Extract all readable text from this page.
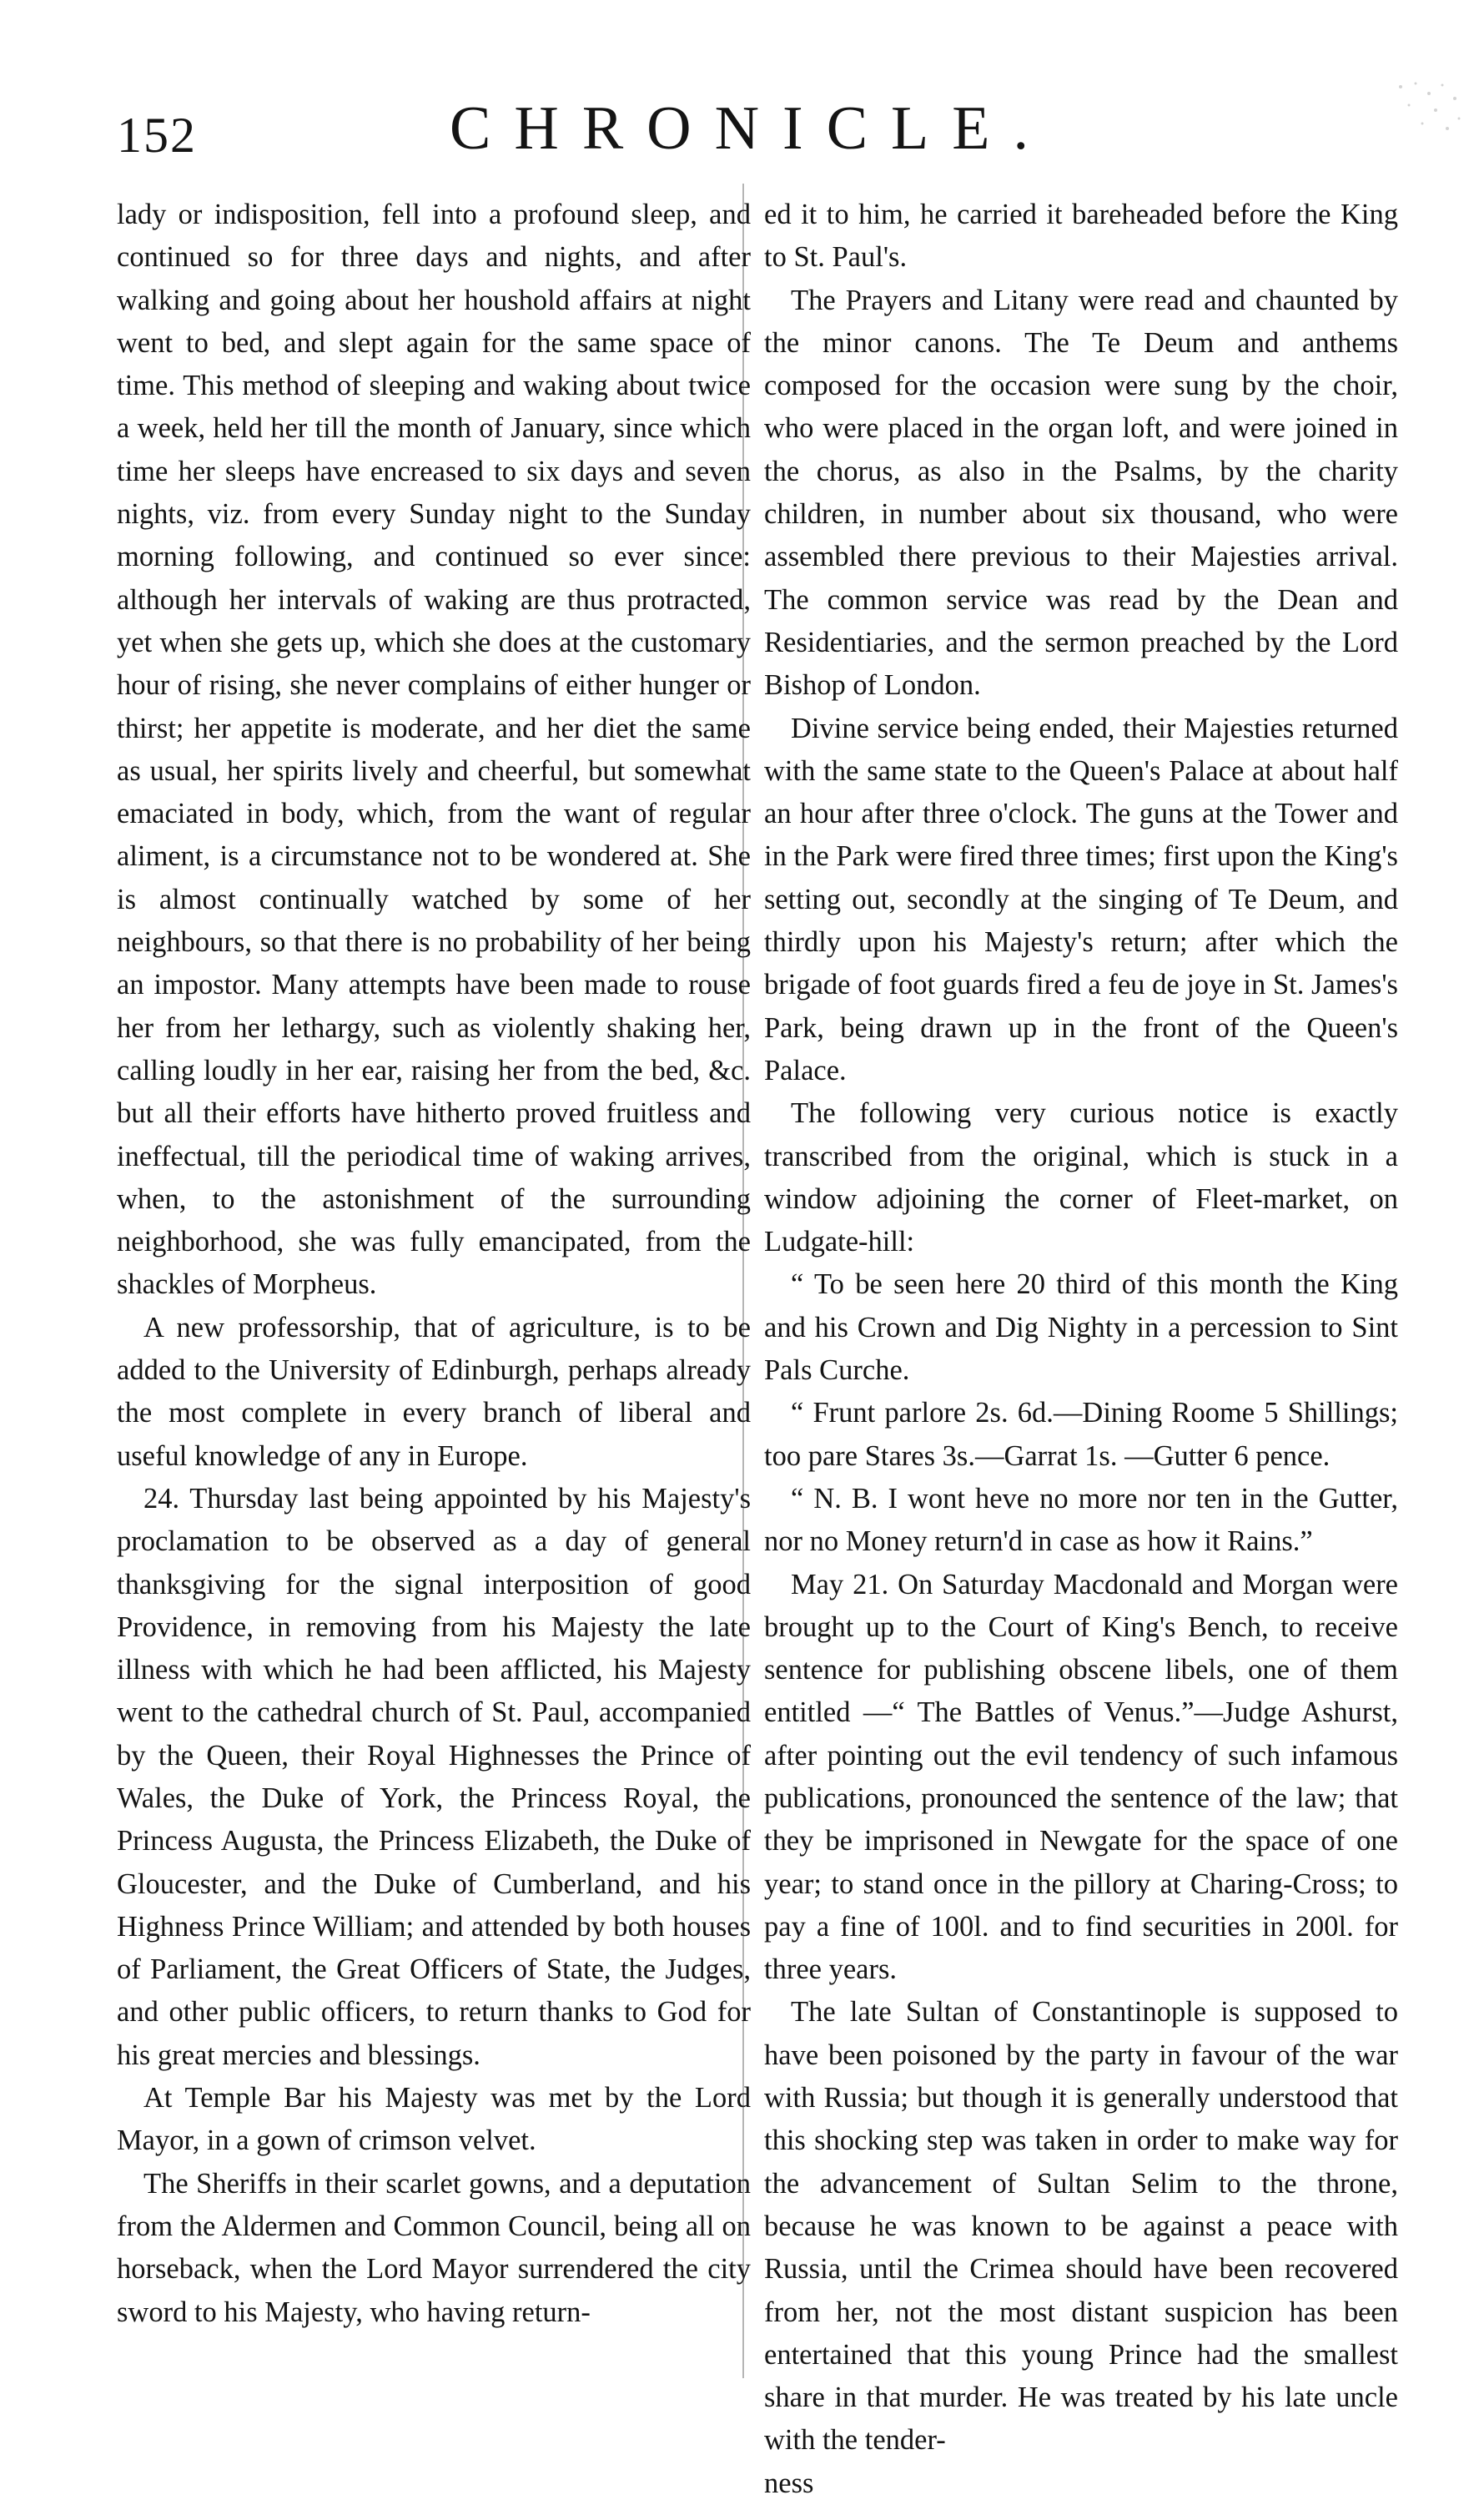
152	CHRONICLE.

lady or indisposition, fell into a profound sleep, and continued so for three days and nights, and after walking and going about her houshold affairs at night went to bed, and slept again for the same space of time. This method of sleeping and waking about twice a week, held her till the month of January, since which time her sleeps have encreased to six days and seven nights, viz. from every Sunday night to the Sunday morning following, and continued so ever since: although her intervals of waking are thus protracted, yet when she gets up, which she does at the customary hour of rising, she never complains of either hunger or thirst; her appetite is moderate, and her diet the same as usual, her spirits lively and cheerful, but somewhat emaciated in body, which, from the want of regular aliment, is a circumstance not to be wondered at. She is almost continually watched by some of her neighbours, so that there is no probability of her being an impostor. Many attempts have been made to rouse her from her lethargy, such as violently shaking her, calling loudly in her ear, raising her from the bed, &c. but all their efforts have hitherto proved fruitless and ineffectual, till the periodical time of waking arrives, when, to the astonishment of the surrounding neighborhood, she was fully emancipated, from the shackles of Morpheus.

A new professorship, that of agriculture, is to be added to the University of Edinburgh, perhaps already the most complete in every branch of liberal and useful knowledge of any in Europe.

24. Thursday last being appointed by his Majesty's proclamation to be observed as a day of general thanksgiving for the signal interposition of good Providence, in removing from his Majesty the late illness with which he had been afflicted, his Majesty went to the cathedral church of St. Paul, accompanied by the Queen, their Royal Highnesses the Prince of Wales, the Duke of York, the Princess Royal, the Princess Augusta, the Princess Elizabeth, the Duke of Gloucester, and the Duke of Cumberland, and his Highness Prince William; and attended by both houses of Parliament, the Great Officers of State, the Judges, and other public officers, to return thanks to God for his great mercies and blessings.

At Temple Bar his Majesty was met by the Lord Mayor, in a gown of crimson velvet.

The Sheriffs in their scarlet gowns, and a deputation from the Aldermen and Common Council, being all on horseback, when the Lord Mayor surrendered the city sword to his Majesty, who having return-

ed it to him, he carried it bareheaded before the King to St. Paul's.

The Prayers and Litany were read and chaunted by the minor canons. The Te Deum and anthems composed for the occasion were sung by the choir, who were placed in the organ loft, and were joined in the chorus, as also in the Psalms, by the charity children, in number about six thousand, who were assembled there previous to their Majesties arrival. The common service was read by the Dean and Residentiaries, and the sermon preached by the Lord Bishop of London.

Divine service being ended, their Majesties returned with the same state to the Queen's Palace at about half an hour after three o'clock. The guns at the Tower and in the Park were fired three times; first upon the King's setting out, secondly at the singing of Te Deum, and thirdly upon his Majesty's return; after which the brigade of foot guards fired a feu de joye in St. James's Park, being drawn up in the front of the Queen's Palace.

The following very curious notice is exactly transcribed from the original, which is stuck in a window adjoining the corner of Fleet-market, on Ludgate-hill:

“ To be seen here 20 third of this month the King and his Crown and Dig Nighty in a percession to Sint Pals Curche.

“ Frunt parlore 2s. 6d.—Dining Roome 5 Shillings; too pare Stares 3s.—Garrat 1s. —Gutter 6 pence.

“ N. B. I wont heve no more nor ten in the Gutter, nor no Money return'd in case as how it Rains.”

May 21. On Saturday Macdonald and Morgan were brought up to the Court of King's Bench, to receive sentence for publishing obscene libels, one of them entitled —“ The Battles of Venus.”—Judge Ashurst, after pointing out the evil tendency of such infamous publications, pronounced the sentence of the law; that they be imprisoned in Newgate for the space of one year; to stand once in the pillory at Charing-Cross; to pay a fine of 100l. and to find securities in 200l. for three years.

The late Sultan of Constantinople is supposed to have been poisoned by the party in favour of the war with Russia; but though it is generally understood that this shocking step was taken in order to make way for the advancement of Sultan Selim to the throne, because he was known to be against a peace with Russia, until the Crimea should have been recovered from her, not the most distant suspicion has been entertained that this young Prince had the smallest share in that murder. He was treated by his late uncle with the tender-

ness
